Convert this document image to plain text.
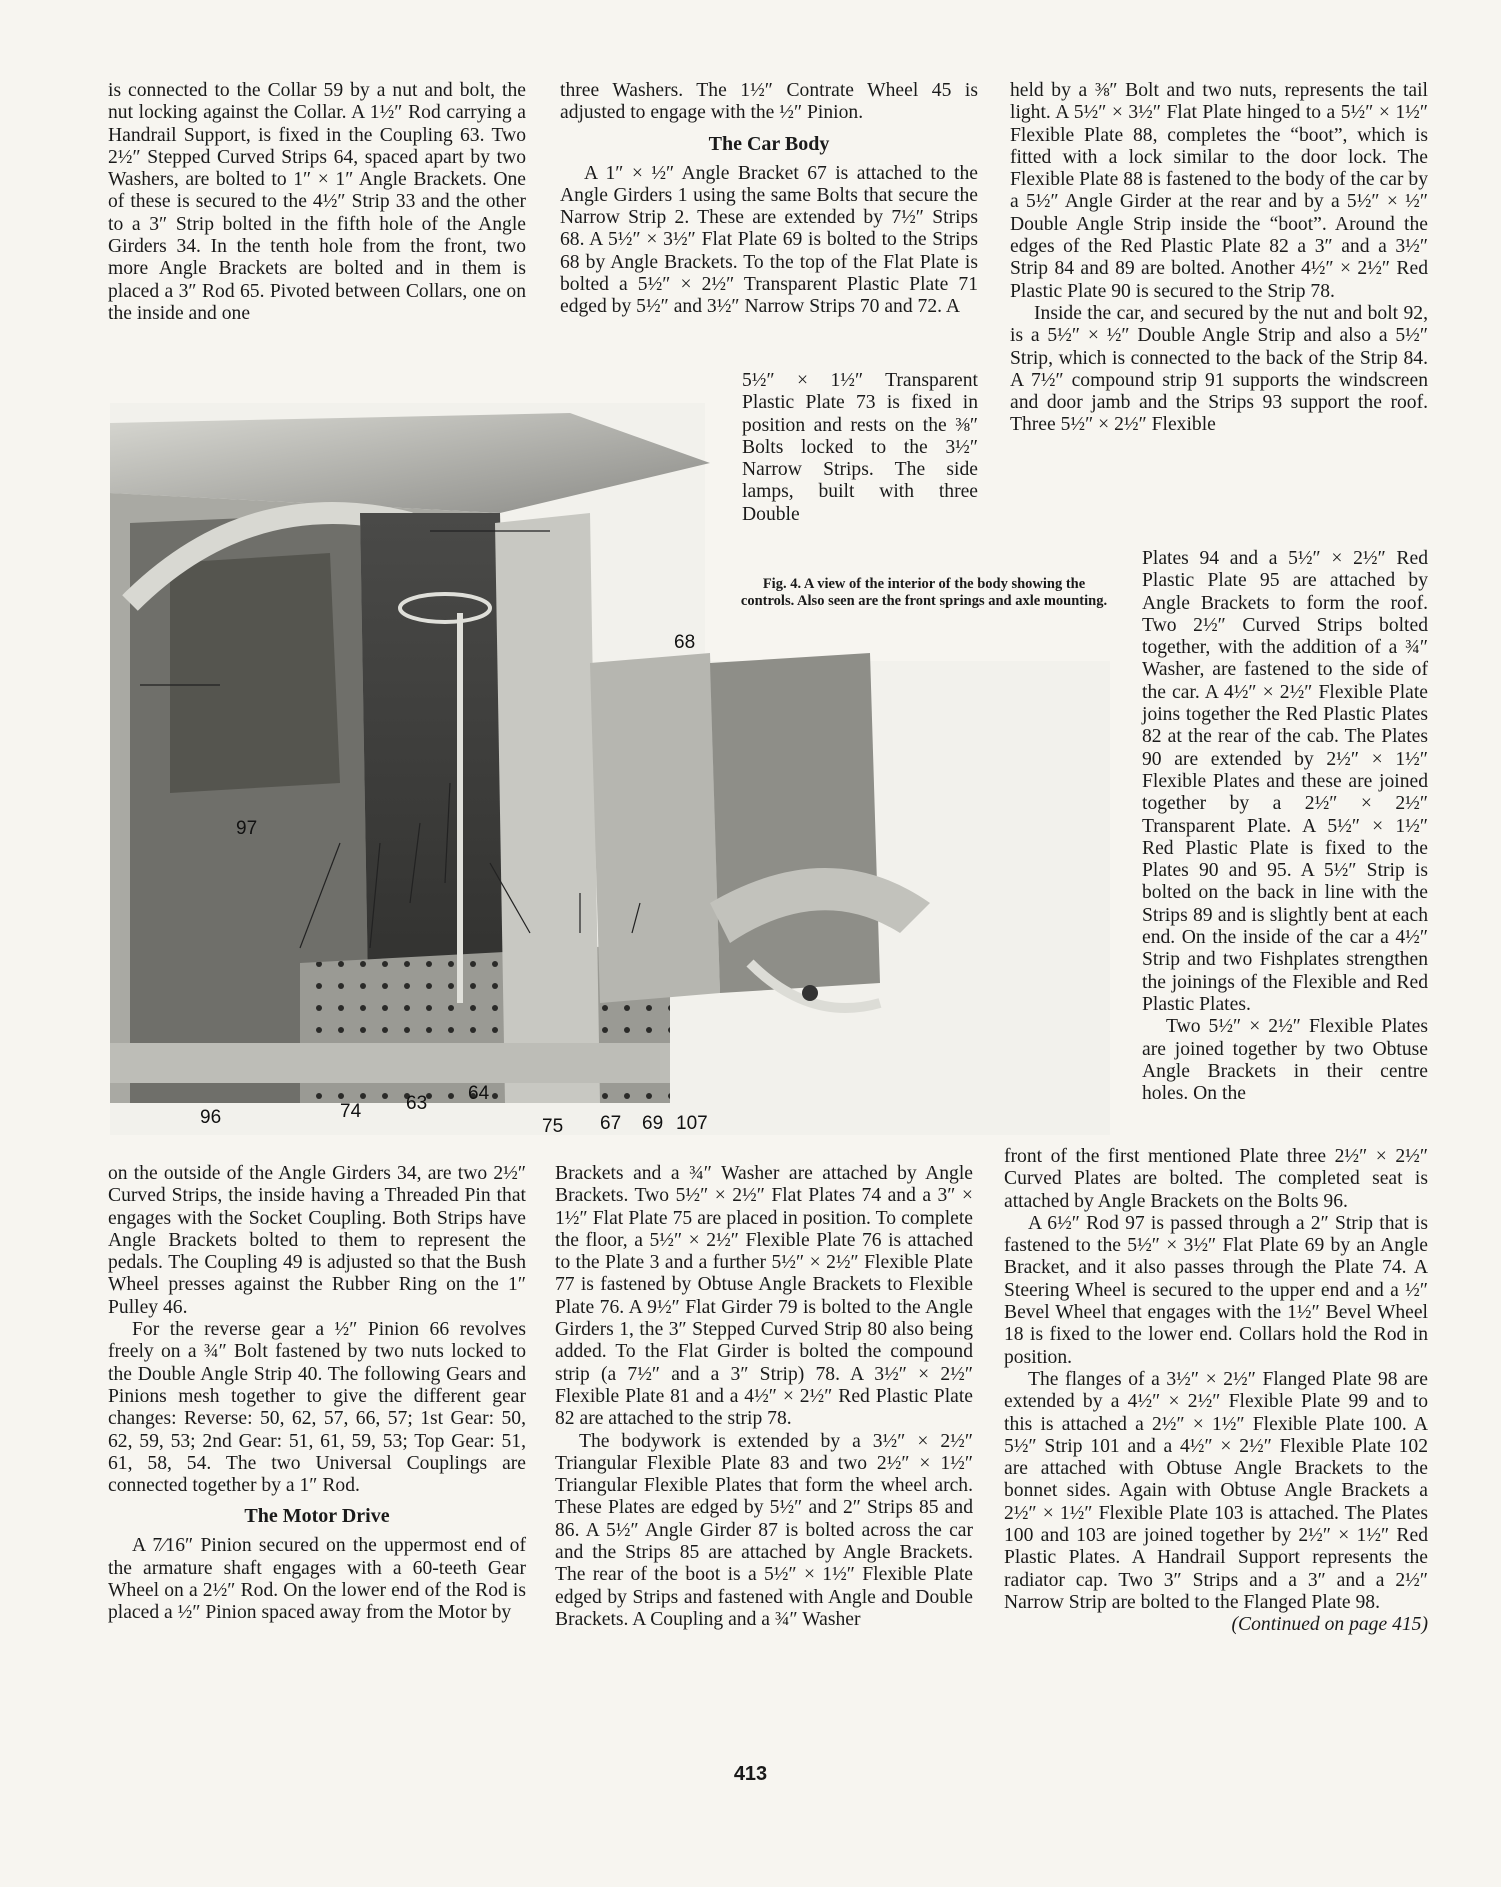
is connected to the Collar 59 by a nut and bolt, the nut locking against the Collar. A 1½″ Rod carrying a Handrail Support, is fixed in the Coupling 63. Two 2½″ Stepped Curved Strips 64, spaced apart by two Washers, are bolted to 1″ × 1″ Angle Brackets. One of these is secured to the 4½″ Strip 33 and the other to a 3″ Strip bolted in the fifth hole of the Angle Girders 34. In the tenth hole from the front, two more Angle Brackets are bolted and in them is placed a 3″ Rod 65. Pivoted between Collars, one on the inside and one

three Washers. The 1½″ Contrate Wheel 45 is adjusted to engage with the ½″ Pinion.

The Car Body

A 1″ × ½″ Angle Bracket 67 is attached to the Angle Girders 1 using the same Bolts that secure the Narrow Strip 2. These are extended by 7½″ Strips 68. A 5½″ × 3½″ Flat Plate 69 is bolted to the Strips 68 by Angle Brackets. To the top of the Flat Plate is bolted a 5½″ × 2½″ Transparent Plastic Plate 71 edged by 5½″ and 3½″ Narrow Strips 70 and 72. A

5½″ × 1½″ Transparent Plastic Plate 73 is fixed in position and rests on the ⅜″ Bolts locked to the 3½″ Narrow Strips. The side lamps, built with three Double

held by a ⅜″ Bolt and two nuts, represents the tail light. A 5½″ × 3½″ Flat Plate hinged to a 5½″ × 1½″ Flexible Plate 88, completes the “boot”, which is fitted with a lock similar to the door lock. The Flexible Plate 88 is fastened to the body of the car by a 5½″ Angle Girder at the rear and by a 5½″ × ½″ Double Angle Strip inside the “boot”. Around the edges of the Red Plastic Plate 82 a 3″ and a 3½″ Strip 84 and 89 are bolted. Another 4½″ × 2½″ Red Plastic Plate 90 is secured to the Strip 78.

Inside the car, and secured by the nut and bolt 92, is a 5½″ × ½″ Double Angle Strip and also a 5½″ Strip, which is connected to the back of the Strip 84. A 7½″ compound strip 91 supports the windscreen and door jamb and the Strips 93 support the roof. Three 5½″ × 2½″ Flexible

Plates 94 and a 5½″ × 2½″ Red Plastic Plate 95 are attached by Angle Brackets to form the roof. Two 2½″ Curved Strips bolted together, with the addition of a ¾″ Washer, are fastened to the side of the car. A 4½″ × 2½″ Flexible Plate joins together the Red Plastic Plates 82 at the rear of the cab. The Plates 90 are extended by 2½″ × 1½″ Flexible Plates and these are joined together by a 2½″ × 2½″ Transparent Plate. A 5½″ × 1½″ Red Plastic Plate is fixed to the Plates 90 and 95. A 5½″ Strip is bolted on the back in line with the Strips 89 and is slightly bent at each end. On the inside of the car a 4½″ Strip and two Fishplates strengthen the joinings of the Flexible and Red Plastic Plates.

Two 5½″ × 2½″ Flexible Plates are joined together by two Obtuse Angle Brackets in their centre holes. On the

Fig. 4. A view of the interior of the body showing the controls. Also seen are the front springs and axle mounting.
68
97
96	74 63 64
75 67 69 107

on the outside of the Angle Girders 34, are two 2½″ Curved Strips, the inside having a Threaded Pin that engages with the Socket Coupling. Both Strips have Angle Brackets bolted to them to represent the pedals. The Coupling 49 is adjusted so that the Bush Wheel presses against the Rubber Ring on the 1″ Pulley 46.

For the reverse gear a ½″ Pinion 66 revolves freely on a ¾″ Bolt fastened by two nuts locked to the Double Angle Strip 40. The following Gears and Pinions mesh together to give the different gear changes: Reverse: 50, 62, 57, 66, 57; 1st Gear: 50, 62, 59, 53; 2nd Gear: 51, 61, 59, 53; Top Gear: 51, 61, 58, 54. The two Universal Couplings are connected together by a 1″ Rod.

The Motor Drive

A 7⁄16″ Pinion secured on the uppermost end of the armature shaft engages with a 60-teeth Gear Wheel on a 2½″ Rod. On the lower end of the Rod is placed a ½″ Pinion spaced away from the Motor by

Brackets and a ¾″ Washer are attached by Angle Brackets. Two 5½″ × 2½″ Flat Plates 74 and a 3″ × 1½″ Flat Plate 75 are placed in position. To complete the floor, a 5½″ × 2½″ Flexible Plate 76 is attached to the Plate 3 and a further 5½″ × 2½″ Flexible Plate 77 is fastened by Obtuse Angle Brackets to Flexible Plate 76. A 9½″ Flat Girder 79 is bolted to the Angle Girders 1, the 3″ Stepped Curved Strip 80 also being added. To the Flat Girder is bolted the compound strip (a 7½″ and a 3″ Strip) 78. A 3½″ × 2½″ Flexible Plate 81 and a 4½″ × 2½″ Red Plastic Plate 82 are attached to the strip 78.

The bodywork is extended by a 3½″ × 2½″ Triangular Flexible Plate 83 and two 2½″ × 1½″ Triangular Flexible Plates that form the wheel arch. These Plates are edged by 5½″ and 2″ Strips 85 and 86. A 5½″ Angle Girder 87 is bolted across the car and the Strips 85 are attached by Angle Brackets. The rear of the boot is a 5½″ × 1½″ Flexible Plate edged by Strips and fastened with Angle and Double Brackets. A Coupling and a ¾″ Washer

front of the first mentioned Plate three 2½″ × 2½″ Curved Plates are bolted. The completed seat is attached by Angle Brackets on the Bolts 96.

A 6½″ Rod 97 is passed through a 2″ Strip that is fastened to the 5½″ × 3½″ Flat Plate 69 by an Angle Bracket, and it also passes through the Plate 74. A Steering Wheel is secured to the upper end and a ½″ Bevel Wheel that engages with the 1½″ Bevel Wheel 18 is fixed to the lower end. Collars hold the Rod in position.

The flanges of a 3½″ × 2½″ Flanged Plate 98 are extended by a 4½″ × 2½″ Flexible Plate 99 and to this is attached a 2½″ × 1½″ Flexible Plate 100. A 5½″ Strip 101 and a 4½″ × 2½″ Flexible Plate 102 are attached with Obtuse Angle Brackets to the bonnet sides. Again with Obtuse Angle Brackets a 2½″ × 1½″ Flexible Plate 103 is attached. The Plates 100 and 103 are joined together by 2½″ × 1½″ Red Plastic Plates. A Handrail Support represents the radiator cap. Two 3″ Strips and a 3″ and a 2½″ Narrow Strip are bolted to the Flanged Plate 98.

(Continued on page 415)

413
